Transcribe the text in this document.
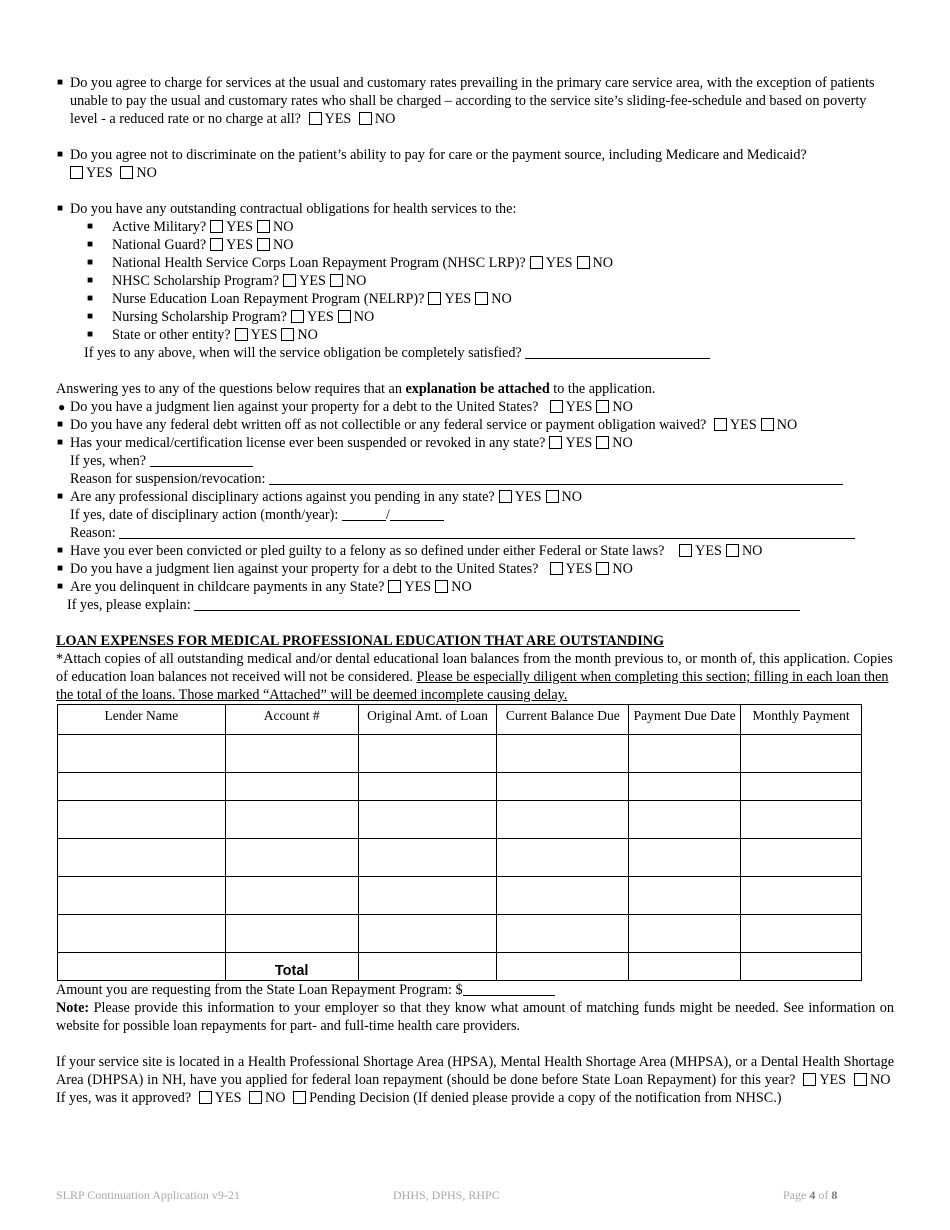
■ Do you agree to charge for services at the usual and customary rates prevailing in the primary care service area, with the exception of patients unable to pay the usual and customary rates who shall be charged – according to the service site’s sliding-fee-schedule and based on poverty level - a reduced rate or no charge at all? YES NO
■ Do you agree not to discriminate on the patient’s ability to pay for care or the payment source, including Medicare and Medicaid?
YES NO
■ Do you have any outstanding contractual obligations for health services to the:
■ Active Military? YES NO
■ National Guard? YES NO
■ National Health Service Corps Loan Repayment Program (NHSC LRP)? YES NO
■ NHSC Scholarship Program? YES NO
■ Nurse Education Loan Repayment Program (NELRP)? YES NO
■ Nursing Scholarship Program? YES NO
■ State or other entity? YES NO
If yes to any above, when will the service obligation be completely satisfied?
Answering yes to any of the questions below requires that an explanation be attached to the application.
● Do you have a judgment lien against your property for a debt to the United States? YES NO
■ Do you have any federal debt written off as not collectible or any federal service or payment obligation waived? YES NO
■ Has your medical/certification license ever been suspended or revoked in any state? YES NO
If yes, when?
Reason for suspension/revocation:
■ Are any professional disciplinary actions against you pending in any state? YES NO
If yes, date of disciplinary action (month/year):	/
Reason:
■ Have you ever been convicted or pled guilty to a felony as so defined under either Federal or State laws? YES NO
■ Do you have a judgment lien against your property for a debt to the United States? YES NO
■ Are you delinquent in childcare payments in any State? YES NO
If yes, please explain:
LOAN EXPENSES FOR MEDICAL PROFESSIONAL EDUCATION THAT ARE OUTSTANDING
*Attach copies of all outstanding medical and/or dental educational loan balances from the month previous to, or month of, this application. Copies of education loan balances not received will not be considered. Please be especially diligent when completing this section; filling in each loan then the total of the loans. Those marked “Attached” will be deemed incomplete causing delay.
Lender Name	Account #	Original Amt. of Loan	Current Balance Due	Payment Due Date	Monthly Payment

	Total				
Amount you are requesting from the State Loan Repayment Program: $
Note: Please provide this information to your employer so that they know what amount of matching funds might be needed. See information on website for possible loan repayments for part- and full-time health care providers.
If your service site is located in a Health Professional Shortage Area (HPSA), Mental Health Shortage Area (MHPSA), or a Dental Health Shortage Area (DHPSA) in NH, have you applied for federal loan repayment (should be done before State Loan Repayment) for this year? YES NO  If yes, was it approved? YES NO Pending Decision (If denied please provide a copy of the notification from NHSC.)
SLRP Continuation Application v9-21	DHHS, DPHS, RHPC	Page 4 of 8
